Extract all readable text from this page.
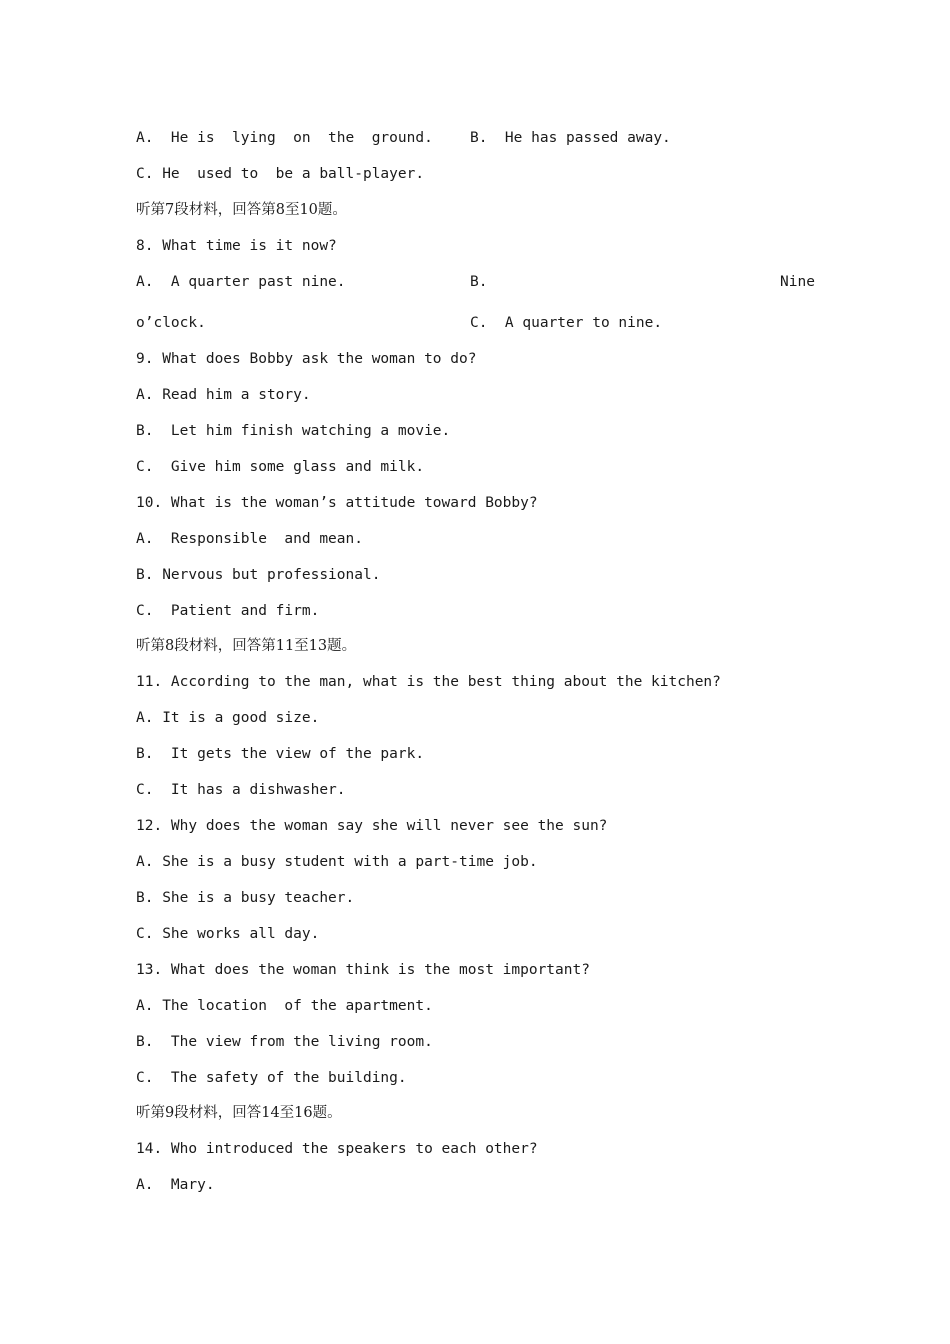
A.  He is  lying  on  the  ground.	B.  He has passed away.
C. He  used to  be a ball-player.
听第7段材料，回答第8至10题。
8. What time is it now?
A.  A quarter past nine.	B.	Nine
o’clock.	C.  A quarter to nine.
9. What does Bobby ask the woman to do?
A. Read him a story.
B.  Let him finish watching a movie.
C.  Give him some glass and milk.
10. What is the woman’s attitude toward Bobby?
A.  Responsible  and mean.
B. Nervous but professional.
C.  Patient and firm.
听第8段材料，回答第11至13题。
11. According to the man, what is the best thing about the kitchen?
A. It is a good size.
B.  It gets the view of the park.
C.  It has a dishwasher.
12. Why does the woman say she will never see the sun?
A. She is a busy student with a part-time job.
B. She is a busy teacher.
C. She works all day.
13. What does the woman think is the most important?
A. The location  of the apartment.
B.  The view from the living room.
C.  The safety of the building.
听第9段材料，回答14至16题。
14. Who introduced the speakers to each other?
A.  Mary.
